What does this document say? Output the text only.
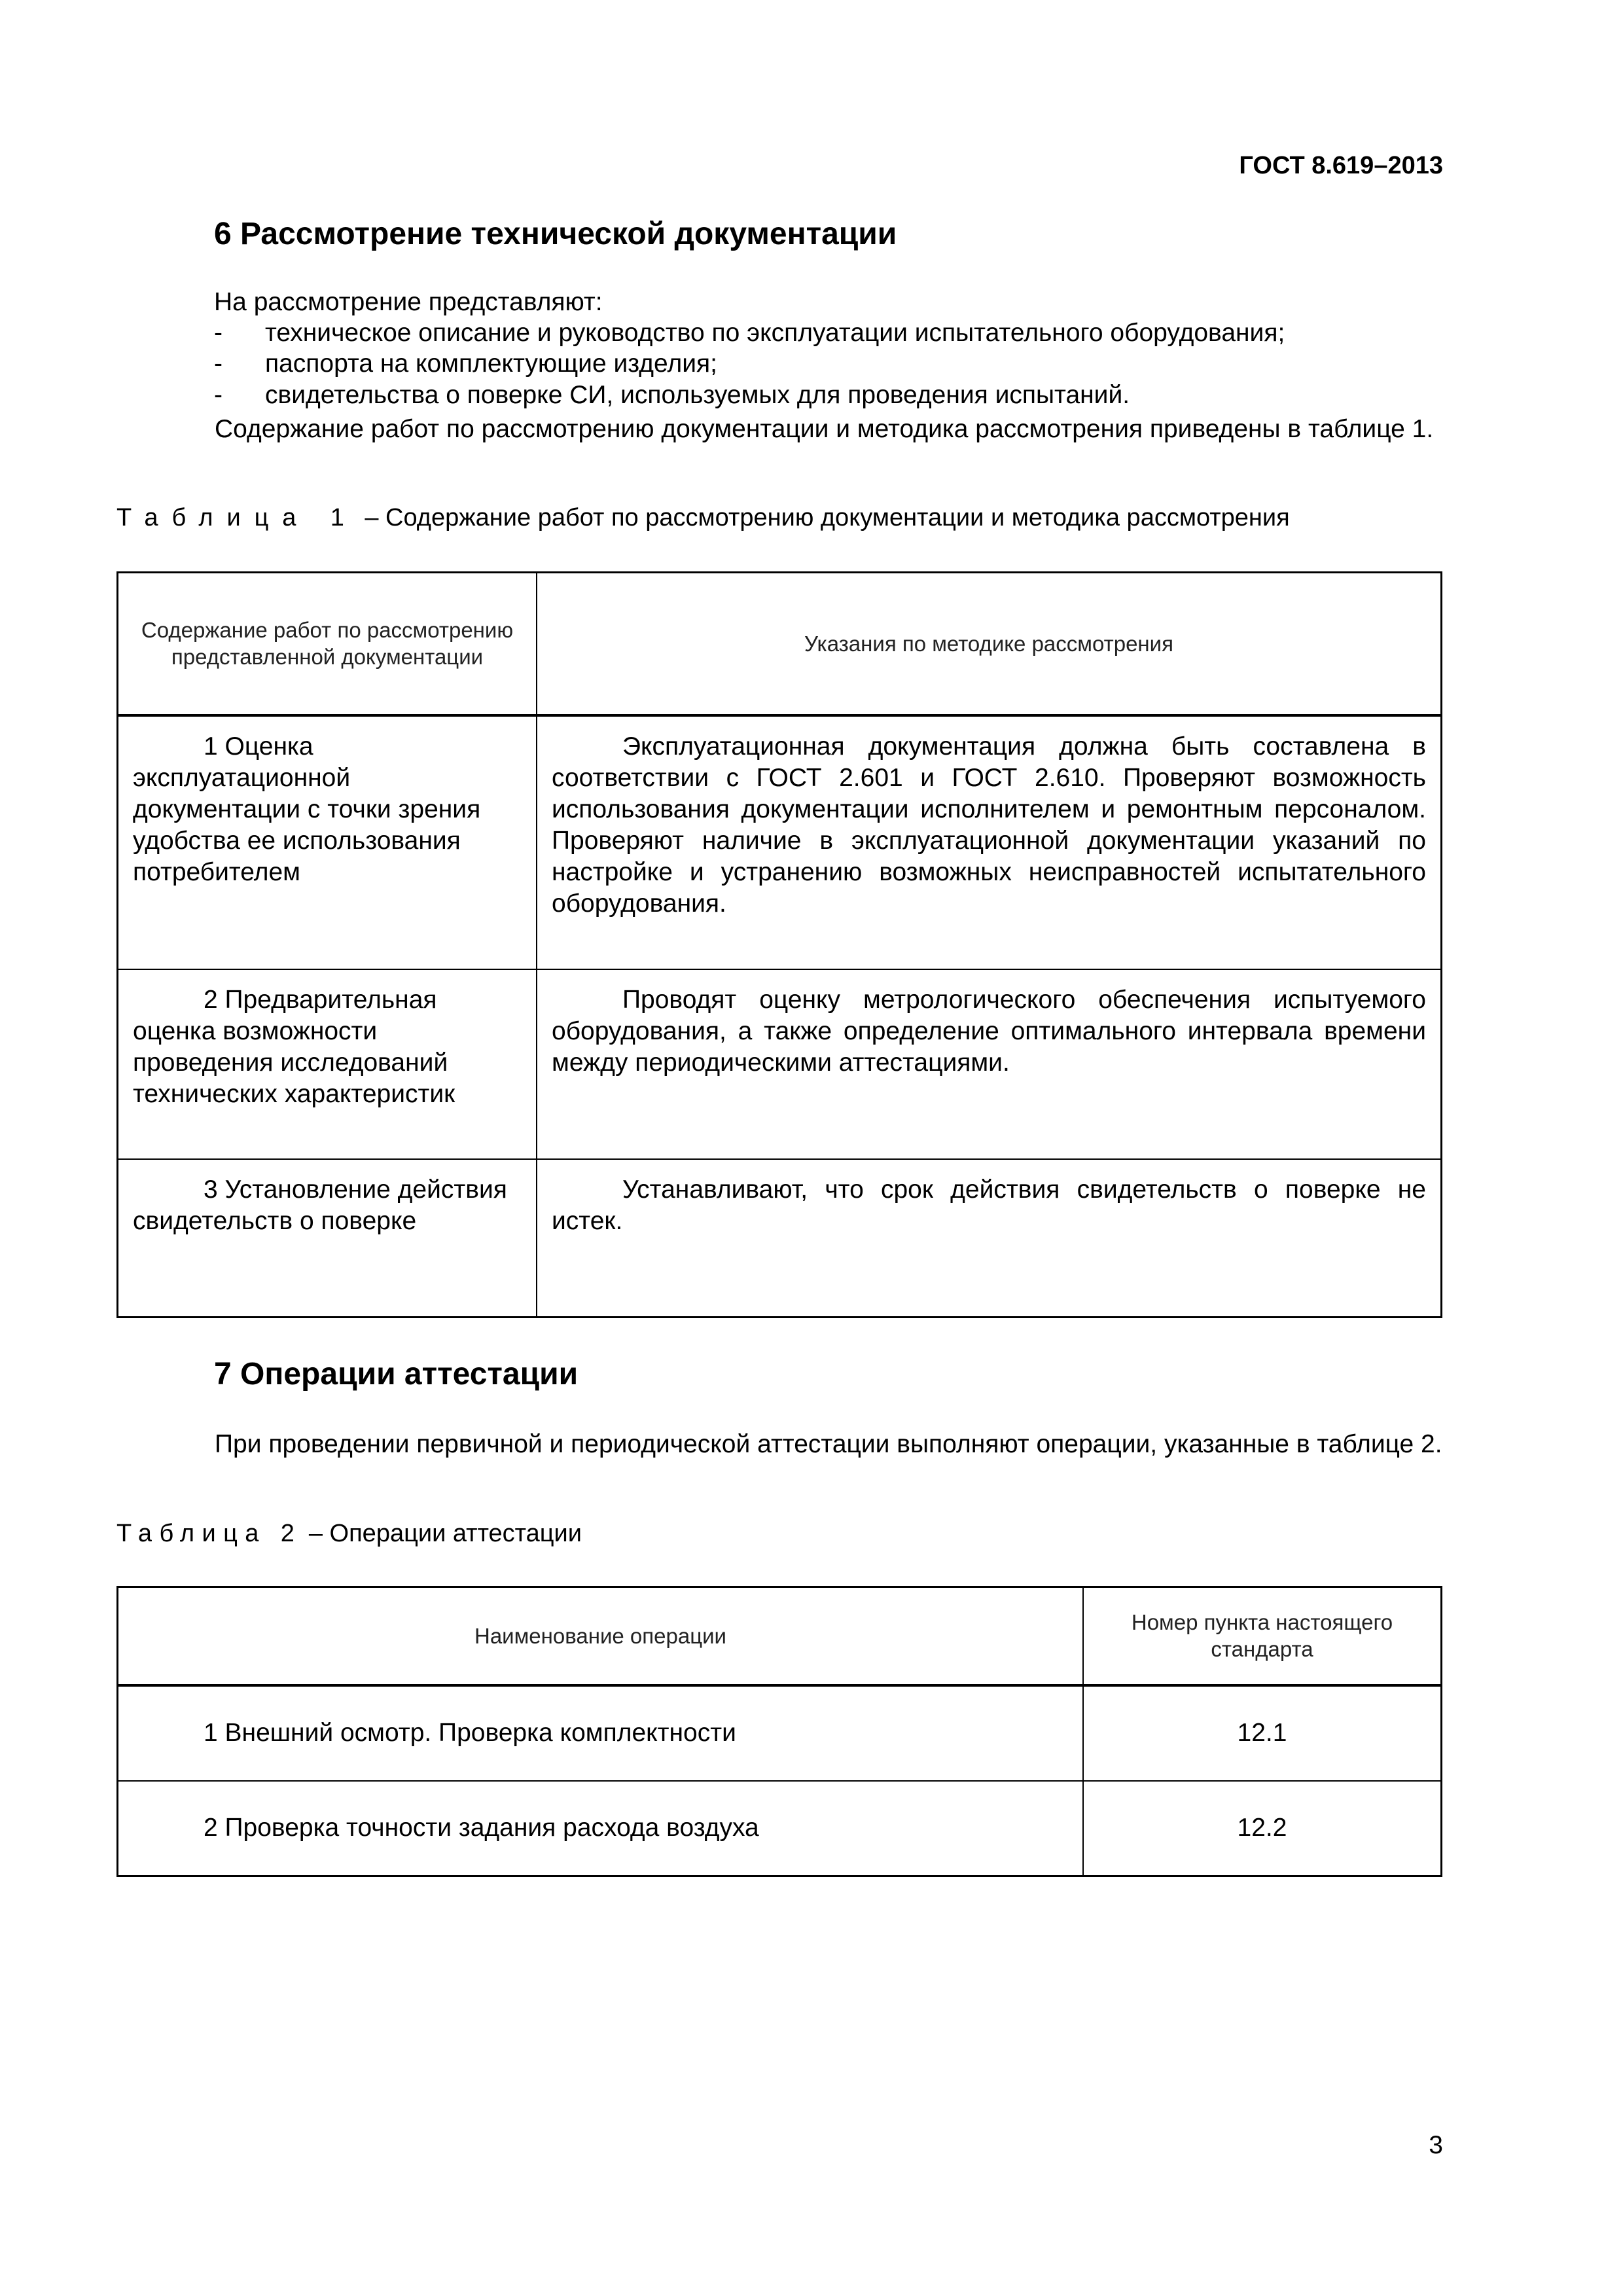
ГОСТ 8.619–2013
6 Рассмотрение технической документации
На рассмотрение представляют:
- техническое описание и руководство по эксплуатации испытательного оборудования;
- паспорта на комплектующие изделия;
- свидетельства о поверке СИ, используемых для проведения испытаний.
Содержание работ по рассмотрению документации и методика рассмотрения приведены в таблице 1.
Таблица 1 – Содержание работ по рассмотрению документации и методика рассмотрения
Содержание работ по рассмотрению представленной документации	Указания по методике рассмотрения

1 Оценка эксплуатационной документации с точки зрения удобства ее использования потребителем	Эксплуатационная документация должна быть составлена в соответствии с ГОСТ 2.601 и ГОСТ 2.610. Проверяют возможность использования документации исполнителем и ремонтным персоналом. Проверяют наличие в эксплуатационной документации указаний по настройке и устранению возможных неисправностей испытательного оборудования.

2 Предварительная оценка возможности проведения исследований технических характеристик	Проводят оценку метрологического обеспечения испытуемого оборудования, а также определение оптимального интервала времени между периодическими аттестациями.

3 Установление действия свидетельств о поверке	Устанавливают, что срок действия свидетельств о поверке не истек.
7 Операции аттестации
При проведении первичной и периодической аттестации выполняют операции, указанные в таблице 2.
Таблица 2 – Операции аттестации
Наименование операции	Номер пункта настоящего стандарта
1 Внешний осмотр. Проверка комплектности	12.1
2 Проверка точности задания расхода воздуха	12.2
3
